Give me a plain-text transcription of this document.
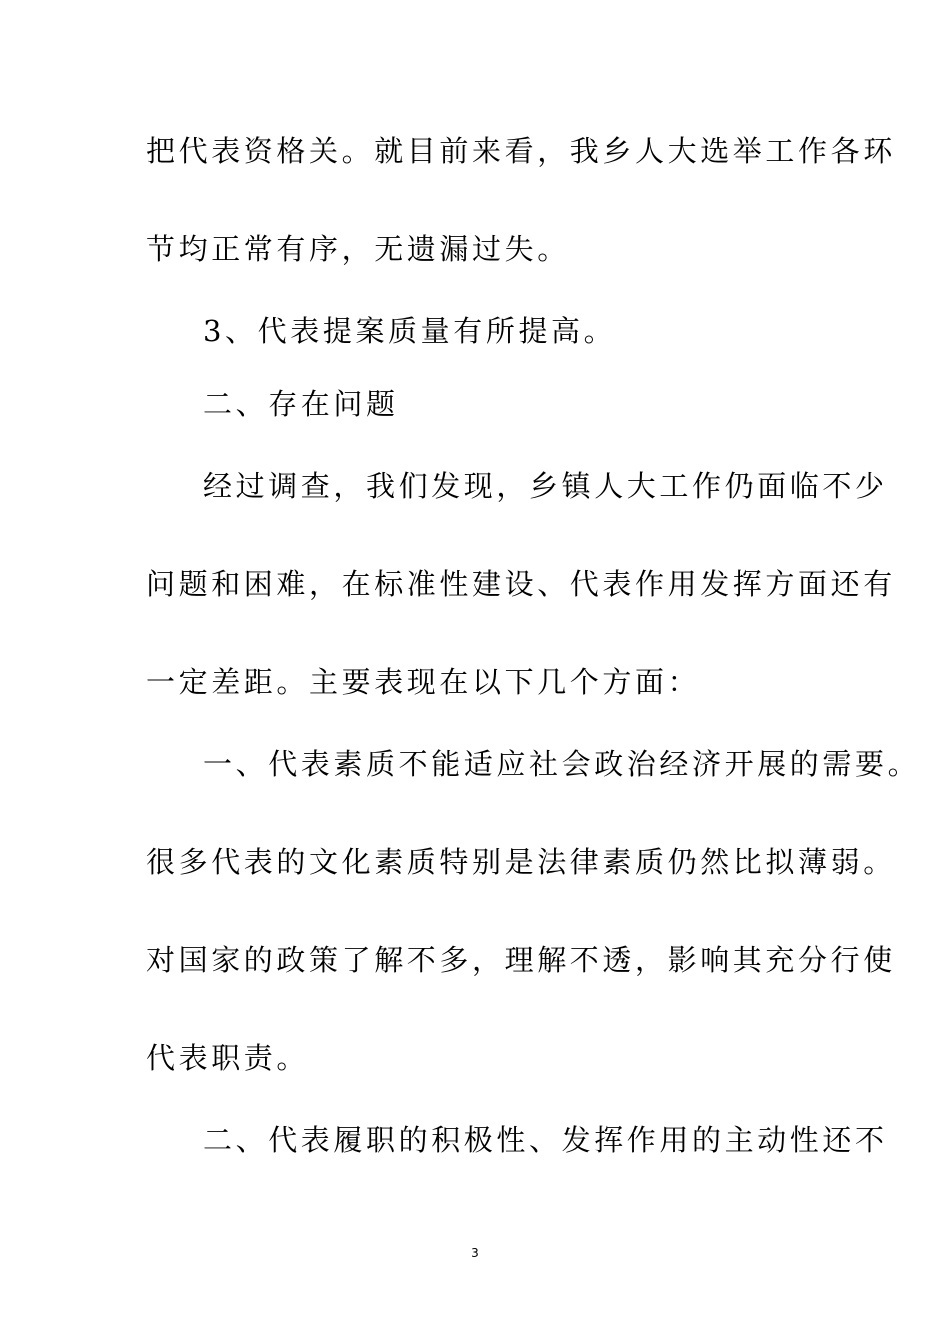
把代表资格关。就目前来看，我乡人大选举工作各环
节均正常有序，无遗漏过失。
3、代表提案质量有所提高。
二、存在问题
经过调查，我们发现，乡镇人大工作仍面临不少
问题和困难，在标准性建设、代表作用发挥方面还有
一定差距。主要表现在以下几个方面：
一、代表素质不能适应社会政治经济开展的需要。
很多代表的文化素质特别是法律素质仍然比拟薄弱。
对国家的政策了解不多，理解不透，影响其充分行使
代表职责。
二、代表履职的积极性、发挥作用的主动性还不
3
